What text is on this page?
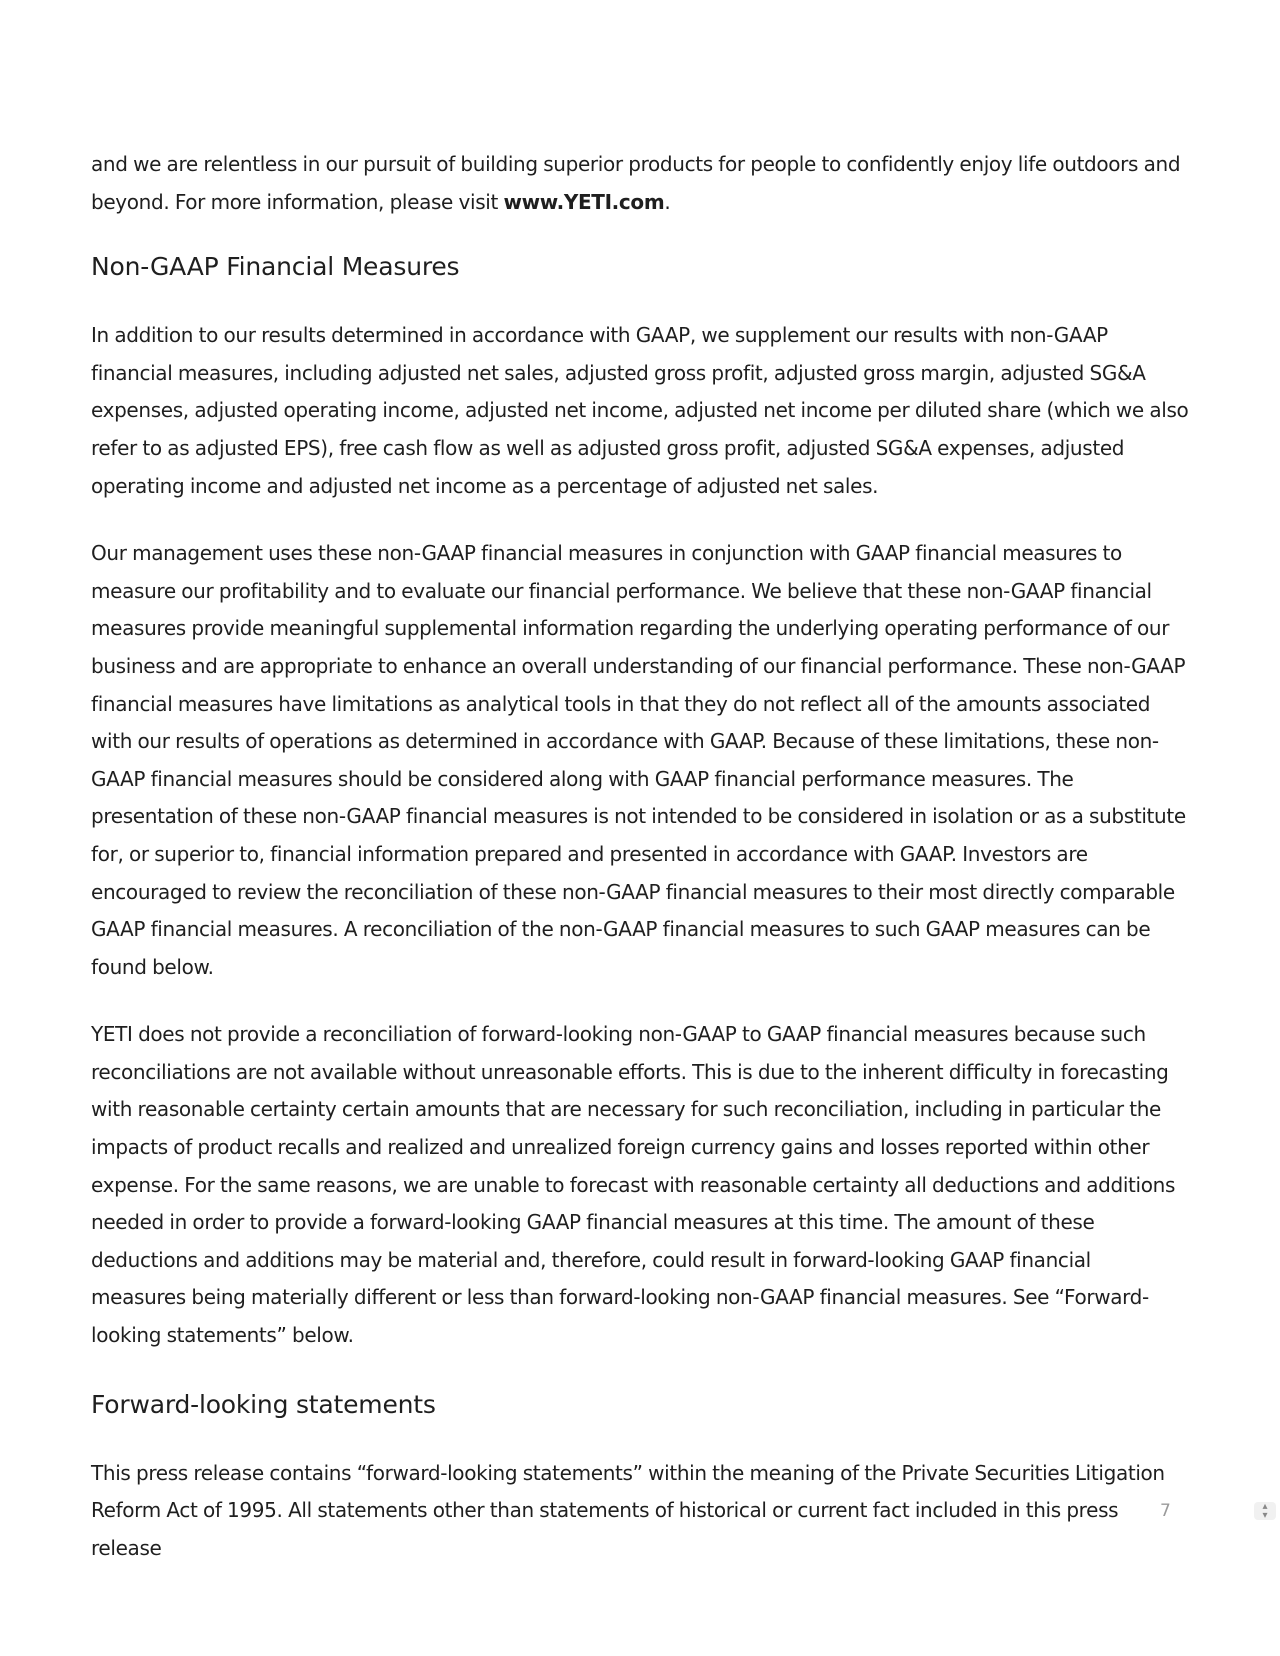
and we are relentless in our pursuit of building superior products for people to confidently enjoy life outdoors and beyond. For more information, please visit www.YETI.com.

Non-GAAP Financial Measures

In addition to our results determined in accordance with GAAP, we supplement our results with non-GAAP financial measures, including adjusted net sales, adjusted gross profit, adjusted gross margin, adjusted SG&A expenses, adjusted operating income, adjusted net income, adjusted net income per diluted share (which we also refer to as adjusted EPS), free cash flow as well as adjusted gross profit, adjusted SG&A expenses, adjusted operating income and adjusted net income as a percentage of adjusted net sales.

Our management uses these non-GAAP financial measures in conjunction with GAAP financial measures to measure our profitability and to evaluate our financial performance. We believe that these non-GAAP financial measures provide meaningful supplemental information regarding the underlying operating performance of our business and are appropriate to enhance an overall understanding of our financial performance. These non-GAAP financial measures have limitations as analytical tools in that they do not reflect all of the amounts associated with our results of operations as determined in accordance with GAAP. Because of these limitations, these non-GAAP financial measures should be considered along with GAAP financial performance measures. The presentation of these non-GAAP financial measures is not intended to be considered in isolation or as a substitute for, or superior to, financial information prepared and presented in accordance with GAAP. Investors are encouraged to review the reconciliation of these non-GAAP financial measures to their most directly comparable GAAP financial measures. A reconciliation of the non-GAAP financial measures to such GAAP measures can be found below.

YETI does not provide a reconciliation of forward-looking non-GAAP to GAAP financial measures because such reconciliations are not available without unreasonable efforts. This is due to the inherent difficulty in forecasting with reasonable certainty certain amounts that are necessary for such reconciliation, including in particular the impacts of product recalls and realized and unrealized foreign currency gains and losses reported within other expense. For the same reasons, we are unable to forecast with reasonable certainty all deductions and additions needed in order to provide a forward-looking GAAP financial measures at this time. The amount of these deductions and additions may be material and, therefore, could result in forward-looking GAAP financial measures being materially different or less than forward-looking non-GAAP financial measures. See “Forward-looking statements” below.

Forward-looking statements

This press release contains “forward-looking statements” within the meaning of the Private Securities Litigation Reform Act of 1995. All statements other than statements of historical or current fact included in this press release

7	▴
▾
